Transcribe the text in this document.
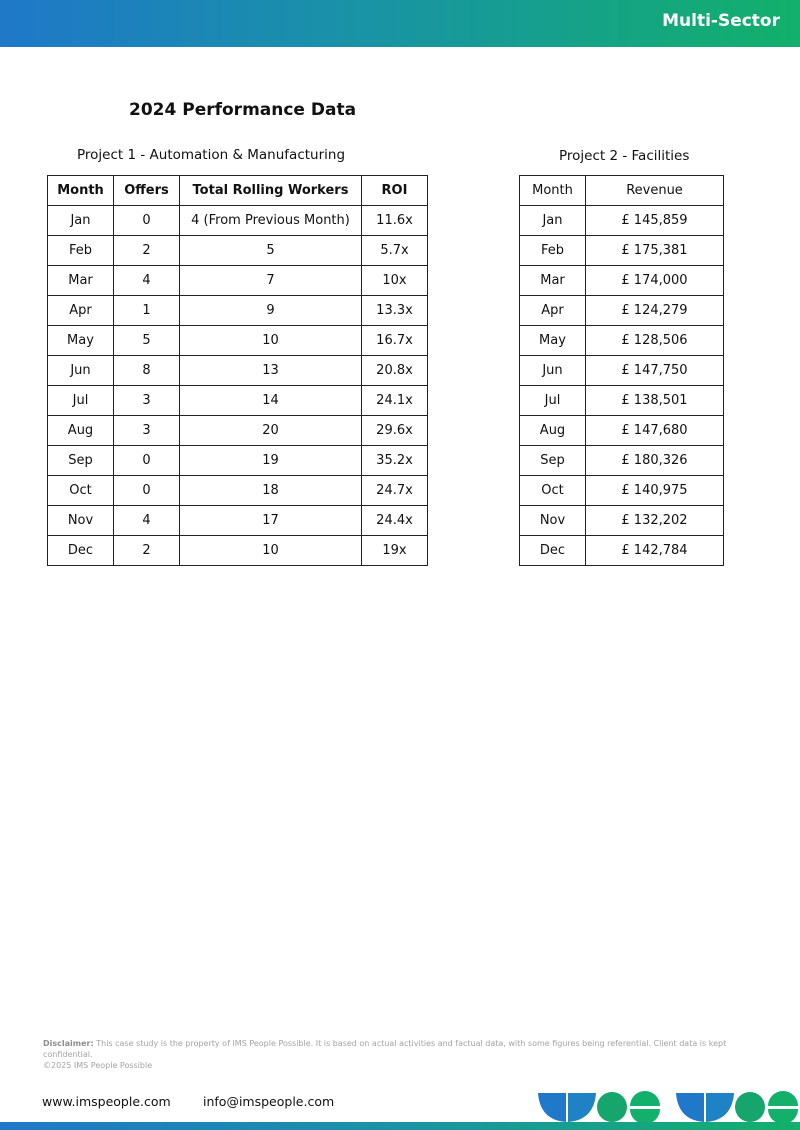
Multi-Sector
2024 Performance Data
Project 1 - Automation & Manufacturing
Month	Offers	Total Rolling Workers	ROI
Jan	0	4 (From Previous Month)	11.6x
Feb	2	5	5.7x
Mar	4	7	10x
Apr	1	9	13.3x
May	5	10	16.7x
Jun	8	13	20.8x
Jul	3	14	24.1x
Aug	3	20	29.6x
Sep	0	19	35.2x
Oct	0	18	24.7x
Nov	4	17	24.4x
Dec	2	10	19x
Project 2 - Facilities
Month	Revenue
Jan	£ 145,859
Feb	£ 175,381
Mar	£ 174,000
Apr	£ 124,279
May	£ 128,506
Jun	£ 147,750
Jul	£ 138,501
Aug	£ 147,680
Sep	£ 180,326
Oct	£ 140,975
Nov	£ 132,202
Dec	£ 142,784
Disclaimer: This case study is the property of IMS People Possible. It is based on actual activities and factual data, with some figures being referential. Client data is kept confidential.
©2025 IMS People Possible
www.imspeople.com	info@imspeople.com
